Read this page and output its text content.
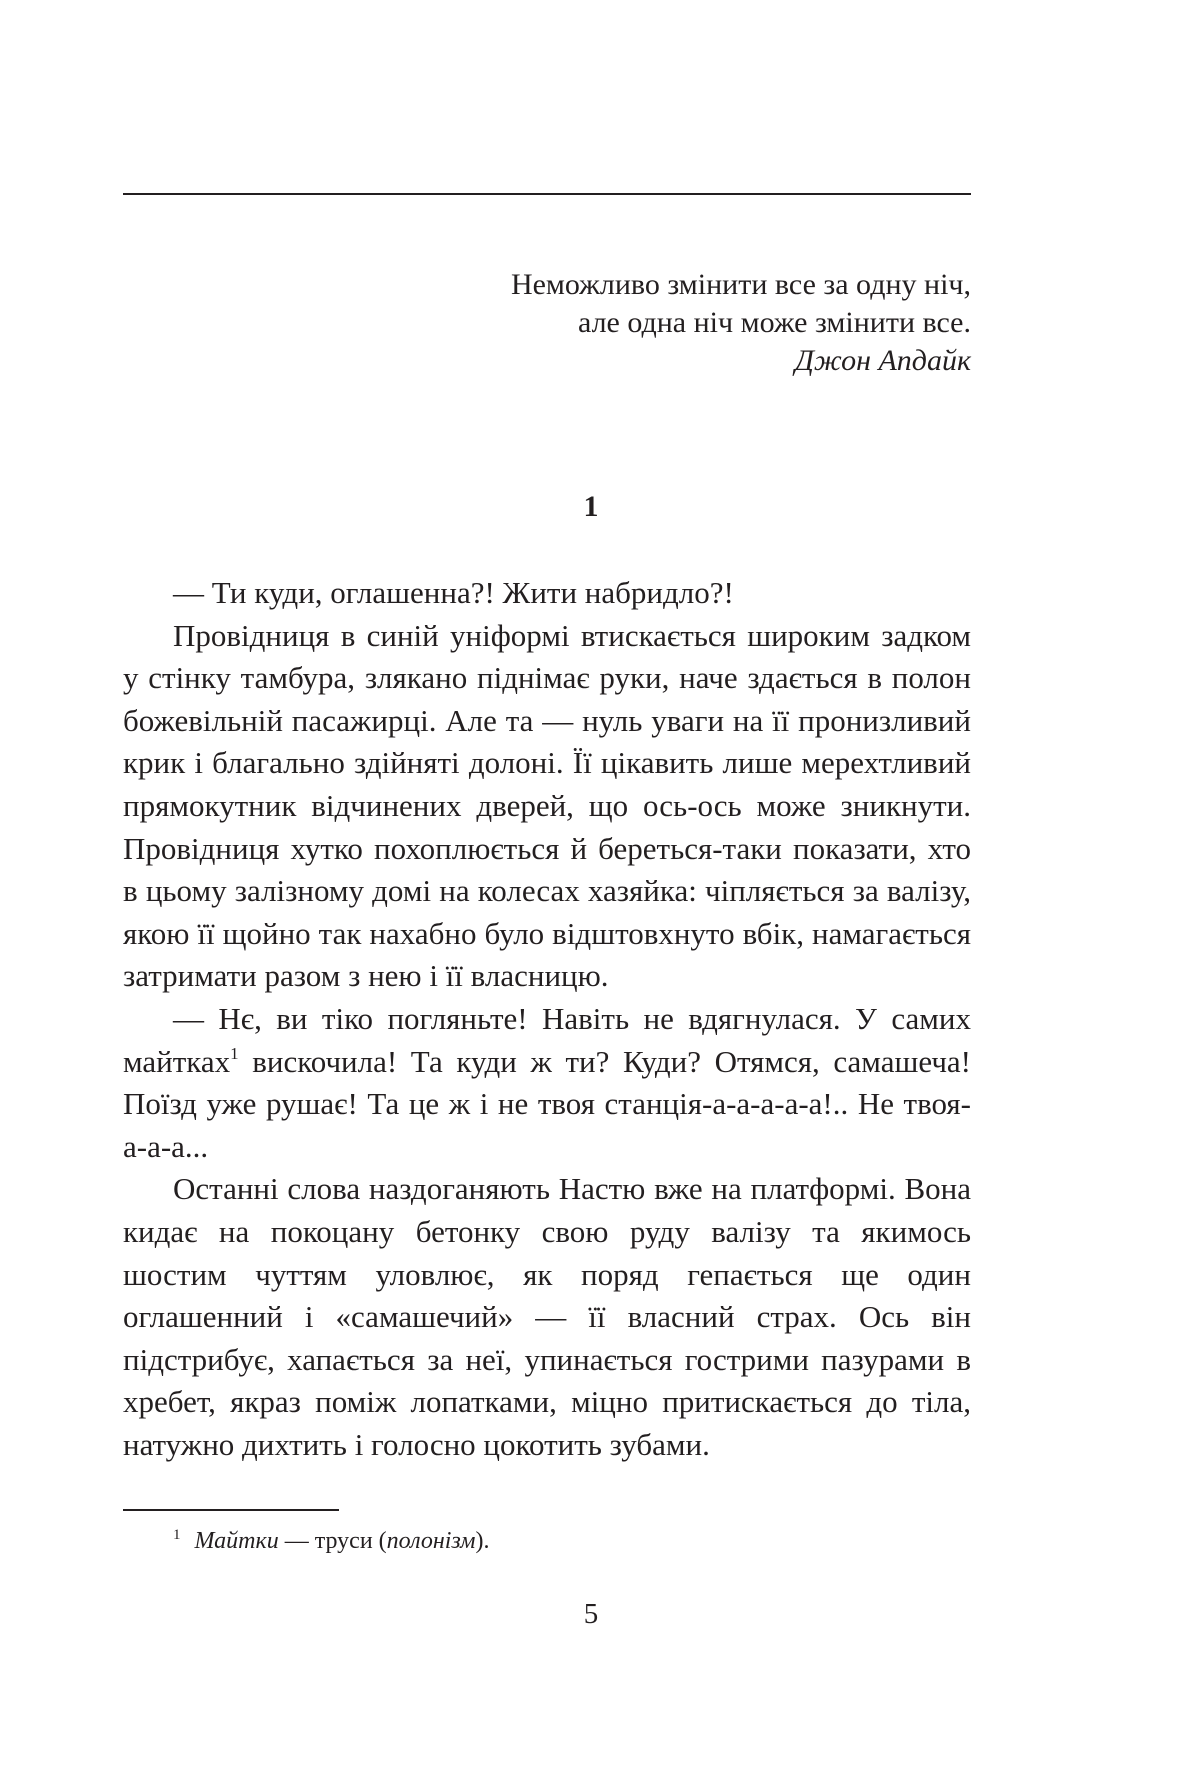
Неможливо змінити все за одну ніч,
але одна ніч може змінити все.
Джон Апдайк
1

— Ти куди, оглашенна?! Жити набридло?!

Провідниця в синій уніформі втискається широким задком у стінку тамбура, злякано піднімає руки, наче здається в полон божевільній пасажирці. Але та — нуль уваги на її пронизливий крик і благально здійняті долоні. Її цікавить лише мерехтливий прямокутник відчинених дверей, що ось-ось може зникнути. Провідниця хутко похоплюється й береться-таки показати, хто в цьому залізному домі на колесах хазяйка: чіпляється за валізу, якою її щойно так нахабно було відштовхнуто вбік, намагається затримати разом з нею і її власницю.

— Нє, ви тіко погляньте! Навіть не вдягнулася. У самих майтках$^1$ вискочила! Та куди ж ти? Куди? Отямся, самашеча! Поїзд уже рушає! Та це ж і не твоя станція-а-а-а-а-а!.. Не твоя-а-а-а...

Останні слова наздоганяють Настю вже на платформі. Вона кидає на покоцану бетонку свою руду валізу та якимось шостим чуттям уловлює, як поряд гепається ще один оглашенний і «самашечий» — її власний страх. Ось він підстрибує, хапається за неї, упинається гострими пазурами в хребет, якраз поміж лопатками, міцно притискається до тіла, натужно дихтить і голосно цокотить зубами.

$^1$ Майтки — труси (полонізм).
5
